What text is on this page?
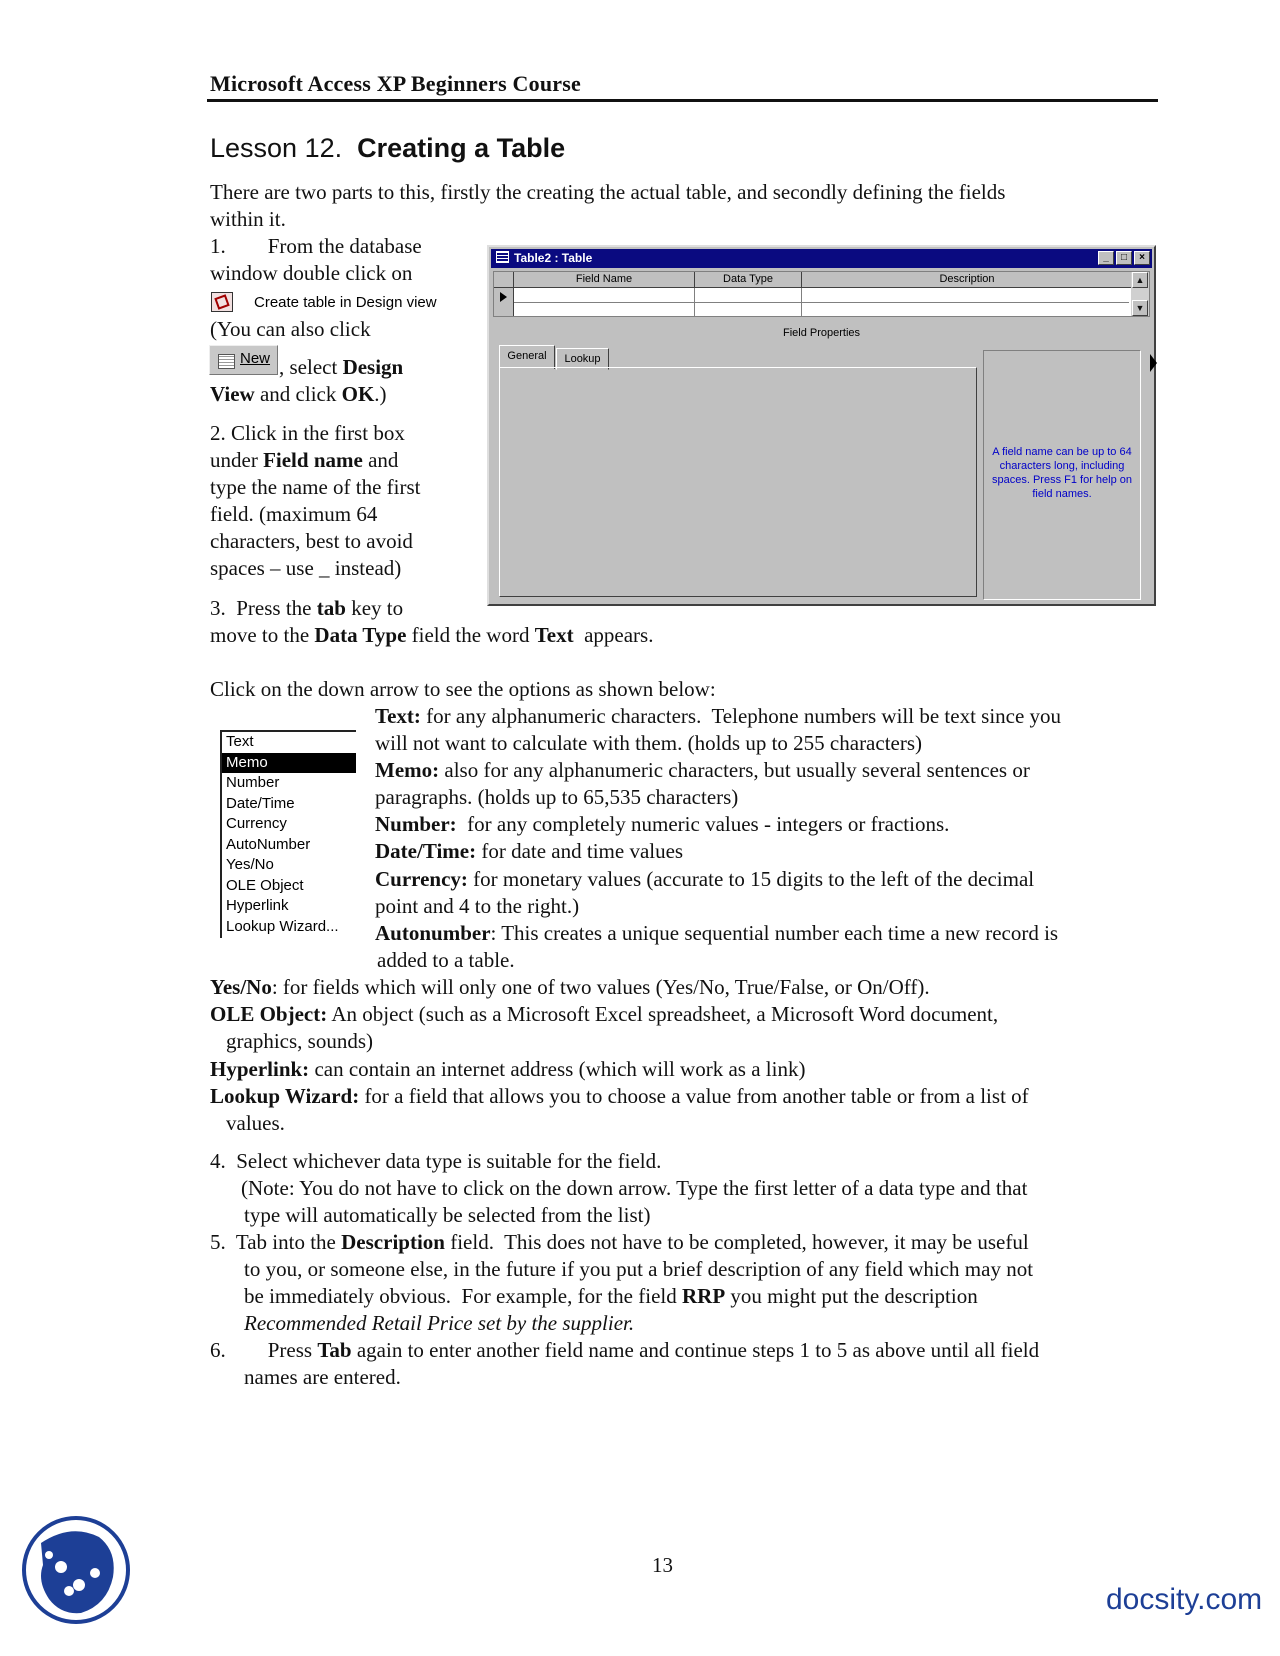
Microsoft Access XP Beginners Course
Lesson 12. Creating a Table
There are two parts to this, firstly the creating the actual table, and secondly defining the fields
within it.
1.        From the database
window double click on
Create table in Design view
(You can also click
New , select Design
View and click OK.)
2. Click in the first box
under Field name and
type the name of the first
field. (maximum 64
characters, best to avoid
spaces – use _ instead)
Table2 : Table	_	□	×
Field Name	Data Type	Description	▲
▼
Field Properties
General	Lookup
A field name can be up to 64 characters long, including spaces. Press F1 for help on field names.
3.  Press the tab key to
move to the Data Type field the word Text  appears.
Click on the down arrow to see the options as shown below:
Text
Memo
Number
Date/Time
Currency
AutoNumber
Yes/No
OLE Object
Hyperlink
Lookup Wizard...
Text: for any alphanumeric characters.  Telephone numbers will be text since you
will not want to calculate with them. (holds up to 255 characters)
Memo: also for any alphanumeric characters, but usually several sentences or
paragraphs. (holds up to 65,535 characters)
Number:  for any completely numeric values - integers or fractions.
Date/Time: for date and time values
Currency: for monetary values (accurate to 15 digits to the left of the decimal
point and 4 to the right.)
Autonumber: This creates a unique sequential number each time a new record is
added to a table.
Yes/No: for fields which will only one of two values (Yes/No, True/False, or On/Off).
OLE Object: An object (such as a Microsoft Excel spreadsheet, a Microsoft Word document,
graphics, sounds)
Hyperlink: can contain an internet address (which will work as a link)
Lookup Wizard: for a field that allows you to choose a value from another table or from a list of
values.
4.  Select whichever data type is suitable for the field.
(Note: You do not have to click on the down arrow. Type the first letter of a data type and that
type will automatically be selected from the list)
5.  Tab into the Description field.  This does not have to be completed, however, it may be useful
to you, or someone else, in the future if you put a brief description of any field which may not
be immediately obvious.  For example, for the field RRP you might put the description
Recommended Retail Price set by the supplier.
6.        Press Tab again to enter another field name and continue steps 1 to 5 as above until all field
names are entered.
13
docsity.com
